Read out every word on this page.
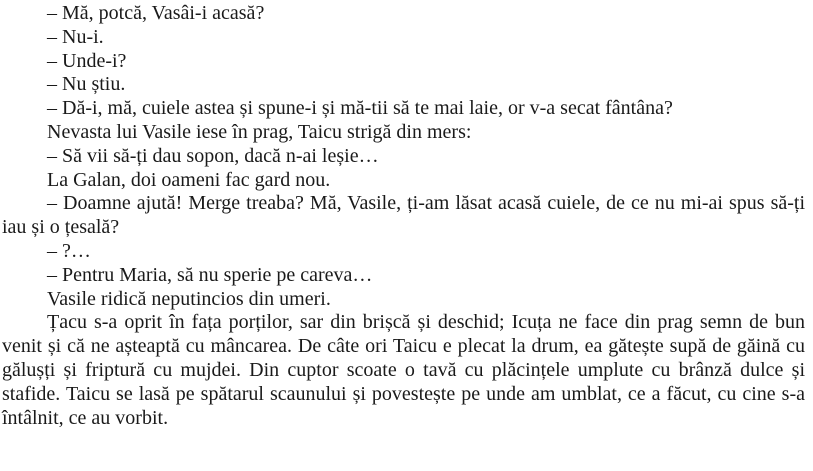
– Mă, potcă, Vasâi-i acasă?

– Nu-i.

– Unde-i?

– Nu știu.

– Dă-i, mă, cuiele astea și spune-i și mă-tii să te mai laie, or v-a secat fântâna?

Nevasta lui Vasile iese în prag, Taicu strigă din mers:

– Să vii să-ți dau sopon, dacă n-ai leșie…

La Galan, doi oameni fac gard nou.

– Doamne ajută! Merge treaba? Mă, Vasile, ți-am lăsat acasă cuiele, de ce nu mi-ai spus să-ți iau și o țesală?

– ?…

– Pentru Maria, să nu sperie pe careva…

Vasile ridică neputincios din umeri.

Țacu s-a oprit în fața porților, sar din brișcă și deschid; Icuța ne face din prag semn de bun venit și că ne așteaptă cu mâncarea. De câte ori Taicu e plecat la drum, ea gătește supă de găină cu gălușți și friptură cu mujdei. Din cuptor scoate o tavă cu plăcințele umplute cu brânză dulce și stafide. Taicu se lasă pe spătarul scaunului și povestește pe unde am umblat, ce a făcut, cu cine s-a întâlnit, ce au vorbit.
